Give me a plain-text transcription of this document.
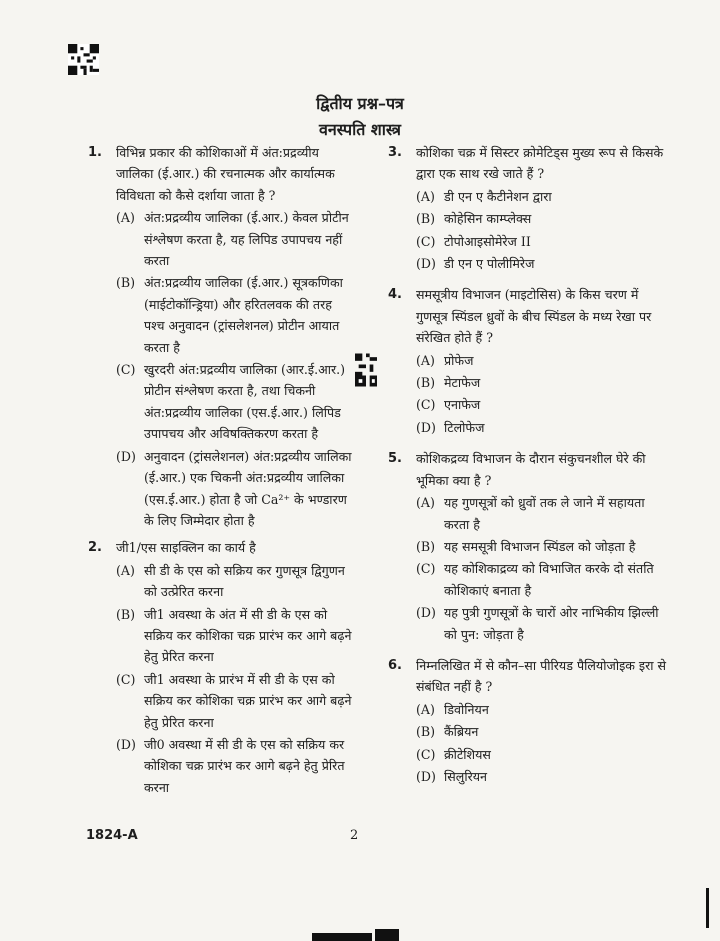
द्वितीय प्रश्न–पत्र
वनस्पति शास्त्र
1.	विभिन्न प्रकार की कोशिकाओं में अंत:प्रद्रव्यीय जालिका (ई.आर.) की रचनात्मक और कार्यात्मक विविधता को कैसे दर्शाया जाता है ?
(A) अंत:प्रद्रव्यीय जालिका (ई.आर.) केवल प्रोटीन संश्लेषण करता है, यह लिपिड उपापचय नहीं करता
(B) अंत:प्रद्रव्यीय जालिका (ई.आर.) सूत्रकणिका (माईटोकॉन्ड्रिया) और हरितलवक की तरह पश्च अनुवादन (ट्रांसलेशनल) प्रोटीन आयात करता है
(C) खुरदरी अंत:प्रद्रव्यीय जालिका (आर.ई.आर.) प्रोटीन संश्लेषण करता है, तथा चिकनी अंत:प्रद्रव्यीय जालिका (एस.ई.आर.) लिपिड उपापचय और अविषक्तिकरण करता है
(D) अनुवादन (ट्रांसलेशनल) अंत:प्रद्रव्यीय जालिका (ई.आर.) एक चिकनी अंत:प्रद्रव्यीय जालिका (एस.ई.आर.) होता है जो Ca²⁺ के भण्डारण के लिए जिम्मेदार होता है
2.	जी1/एस साइक्लिन का कार्य है
(A) सी डी के एस को सक्रिय कर गुणसूत्र द्विगुणन को उत्प्रेरित करना
(B) जी1 अवस्था के अंत में सी डी के एस को सक्रिय कर कोशिका चक्र प्रारंभ कर आगे बढ़ने हेतु प्रेरित करना
(C) जी1 अवस्था के प्रारंभ में सी डी के एस को सक्रिय कर कोशिका चक्र प्रारंभ कर आगे बढ़ने हेतु प्रेरित करना
(D) जी0 अवस्था में सी डी के एस को सक्रिय कर कोशिका चक्र प्रारंभ कर आगे बढ़ने हेतु प्रेरित करना
3.	कोशिका चक्र में सिस्टर क्रोमेटिड्स मुख्य रूप से किसके द्वारा एक साथ रखे जाते हैं ?
(A) डी एन ए कैटीनेशन द्वारा
(B) कोहेसिन काम्प्लेक्स
(C) टोपोआइसोमेरेज II
(D) डी एन ए पोलीमिरेज
4.	समसूत्रीय विभाजन (माइटोसिस) के किस चरण में गुणसूत्र स्पिंडल ध्रुवों के बीच स्पिंडल के मध्य रेखा पर संरेखित होते हैं ?
(A) प्रोफेज
(B) मेटाफेज
(C) एनाफेज
(D) टिलोफेज
5.	कोशिकद्रव्य विभाजन के दौरान संकुचनशील घेरे की भूमिका क्या है ?
(A) यह गुणसूत्रों को ध्रुवों तक ले जाने में सहायता करता है
(B) यह समसूत्री विभाजन स्पिंडल को जोड़ता है
(C) यह कोशिकाद्रव्य को विभाजित करके दो संतति कोशिकाएं बनाता है
(D) यह पुत्री गुणसूत्रों के चारों ओर नाभिकीय झिल्ली को पुन: जोड़ता है
6.	निम्नलिखित में से कौन–सा पीरियड पैलियोजोइक इरा से संबंधित नहीं है ?
(A) डिवोनियन
(B) कैंब्रियन
(C) क्रीटेशियस
(D) सिलुरियन
1824-A	2
